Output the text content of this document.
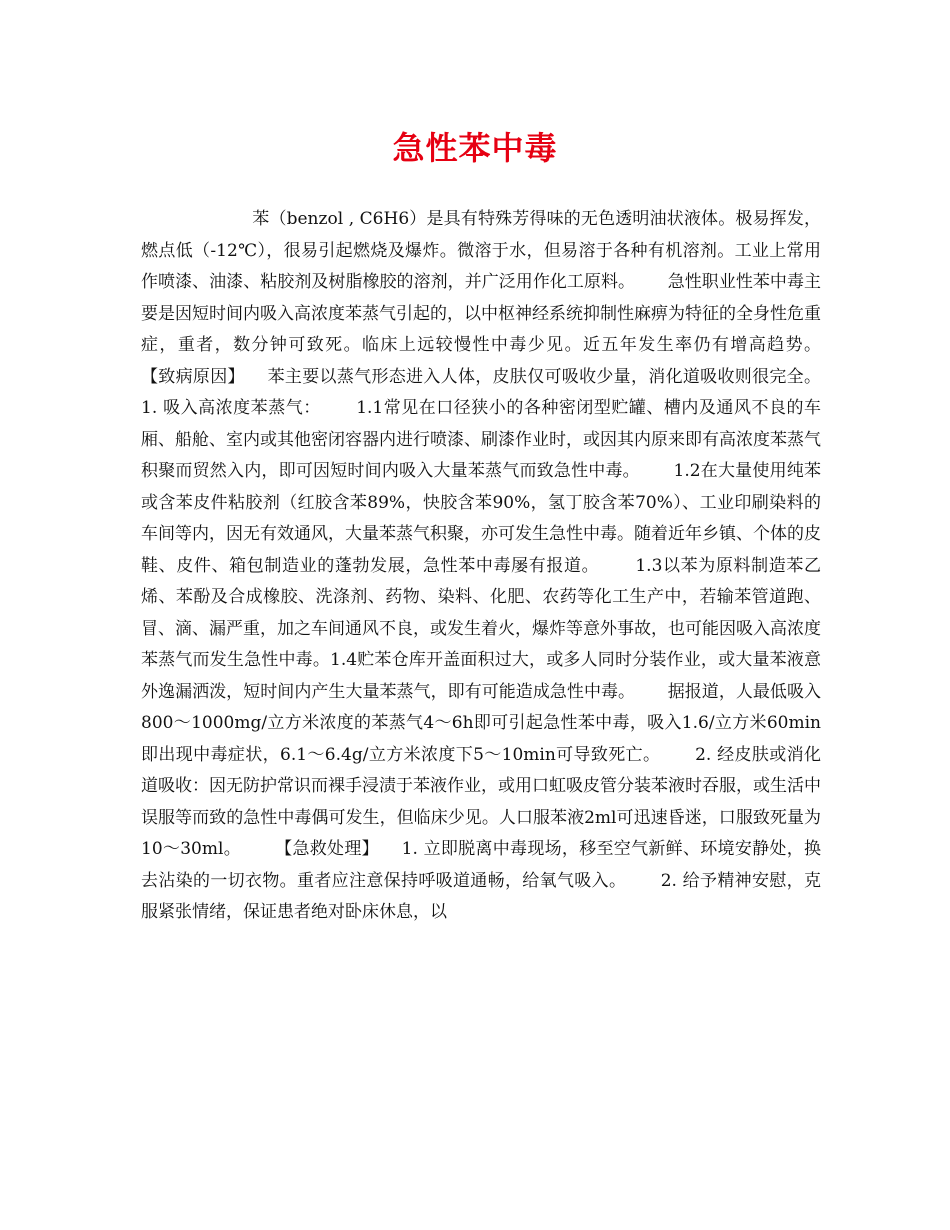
急性苯中毒
苯（benzol , C6H6）是具有特殊芳得味的无色透明油状液体。极易挥发，燃点低（-12℃），很易引起燃烧及爆炸。微溶于水，但易溶于各种有机溶剂。工业上常用作喷漆、油漆、粘胶剂及树脂橡胶的溶剂，并广泛用作化工原料。      急性职业性苯中毒主要是因短时间内吸入高浓度苯蒸气引起的，以中枢神经系统抑制性麻痹为特征的全身性危重症，重者，数分钟可致死。临床上远较慢性中毒少见。近五年发生率仍有增高趋势。      【致病原因】    苯主要以蒸气形态进入人体，皮肤仅可吸收少量，消化道吸收则很完全。      1. 吸入高浓度苯蒸气：      1.1常见在口径狭小的各种密闭型贮罐、槽内及通风不良的车厢、船舱、室内或其他密闭容器内进行喷漆、刷漆作业时，或因其内原来即有高浓度苯蒸气积聚而贸然入内，即可因短时间内吸入大量苯蒸气而致急性中毒。      1.2在大量使用纯苯或含苯皮件粘胶剂（红胶含苯89%，快胶含苯90%，氢丁胶含苯70%）、工业印刷染料的车间等内，因无有效通风，大量苯蒸气积聚，亦可发生急性中毒。随着近年乡镇、个体的皮鞋、皮件、箱包制造业的蓬勃发展，急性苯中毒屡有报道。      1.3以苯为原料制造苯乙烯、苯酚及合成橡胶、洗涤剂、药物、染料、化肥、农药等化工生产中，若输苯管道跑、冒、滴、漏严重，加之车间通风不良，或发生着火，爆炸等意外事故，也可能因吸入高浓度苯蒸气而发生急性中毒。1.4贮苯仓库开盖面积过大，或多人同时分装作业，或大量苯液意外逸漏洒泼，短时间内产生大量苯蒸气，即有可能造成急性中毒。      据报道，人最低吸入800～1000mg/立方米浓度的苯蒸气4～6h即可引起急性苯中毒，吸入1.6/立方米60min即出现中毒症状，6.1～6.4g/立方米浓度下5～10min可导致死亡。      2. 经皮肤或消化道吸收：因无防护常识而裸手浸渍于苯液作业，或用口虹吸皮管分装苯液时吞服，或生活中误服等而致的急性中毒偶可发生，但临床少见。人口服苯液2ml可迅速昏迷，口服致死量为10～30ml。      【急救处理】    1. 立即脱离中毒现场，移至空气新鲜、环境安静处，换去沾染的一切衣物。重者应注意保持呼吸道通畅，给氧气吸入。      2. 给予精神安慰，克服紧张情绪，保证患者绝对卧床休息，以
